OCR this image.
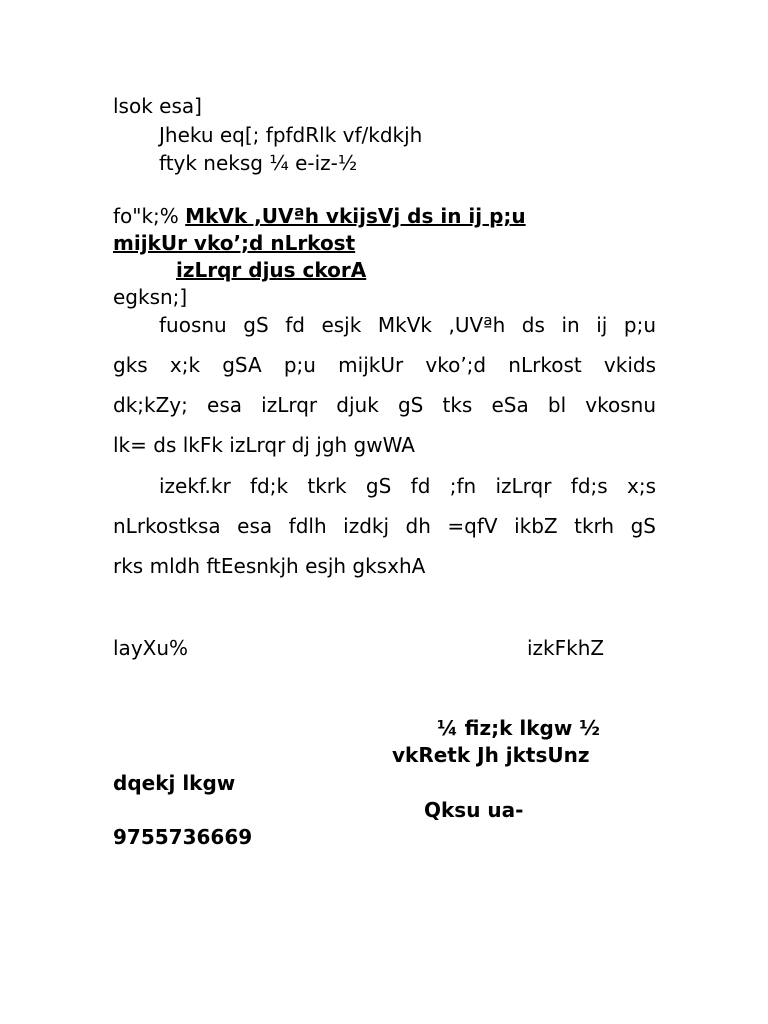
lsok esa]
Jheku eq[; fpfdRlk vf/kdkjh
ftyk neksg ¼ e-iz-½
fo"k;% MkVk ,UVªh vkijsVj ds in ij p;u
mijkUr vko’;d nLrkost
izLrqr djus ckorA
egksn;]
fuosnu gS fd esjk MkVk ,UVªh ds in ij p;u
gks x;k gSA p;u mijkUr vko’;d nLrkost vkids
dk;kZy; esa izLrqr djuk gS tks eSa bl vkosnu
lk= ds lkFk izLrqr dj jgh gwWA
izekf.kr fd;k tkrk gS fd ;fn izLrqr fd;s x;s
nLrkostksa esa fdlh izdkj dh =qfV ikbZ tkrh gS
rks mldh ftEesnkjh esjh gksxhA
layXu%	izkFkhZ
¼ fiz;k lkgw ½
vkRetk Jh jktsUnz
dqekj lkgw
Qksu ua-
9755736669
